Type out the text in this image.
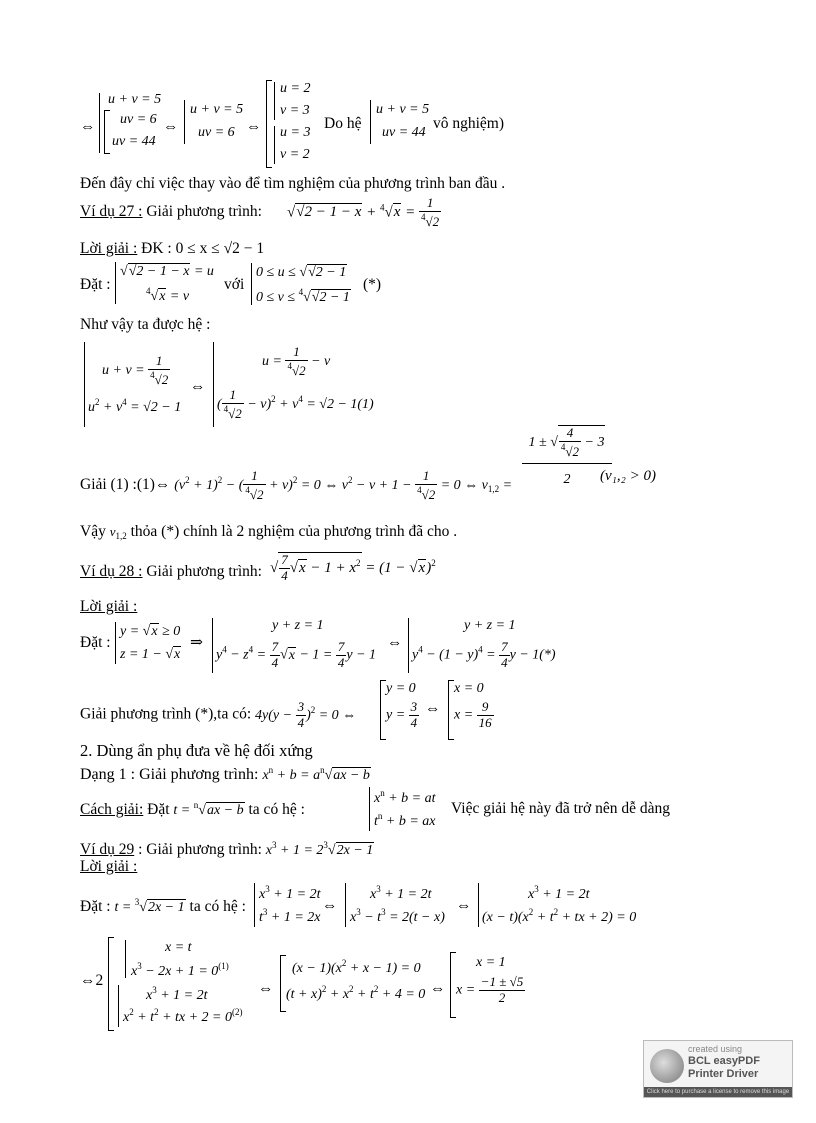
⇔
u + v = 5
uv = 6
uv = 44
⇔
u + v = 5
uv = 6 ⇔
u = 2
v = 3
u = 3
v = 2
Do hệ
u + v = 5
uv = 44
vô nghiệm)
Đến đây chỉ việc thay vào để tìm nghiệm của phương trình ban đầu .
Ví dụ 27 : Giải phương trình: $√√2 - 1 - x + ^4√x = \frac{1}{^4√2}$
Lời giải : ĐK : 0 ≤ x ≤ √2 − 1
Đặt :
√√2 − 1 − x = u
$^4$√x = v
với
0 ≤ u ≤ √√2 − 1
0 ≤ v ≤ $^4$√√2 − 1
(*)
Như vậy ta được hệ :
$u + v = \frac{1}{^4√2}$
$u^2 + v^4 = √2 - 1$
⇔
$u = \frac{1}{^4√2} - v$
( $\frac{1}{^4√2} - v)^2 + v^4 = √2 - 1(1)$
Giải (1) :(1)⇔ $(v^2 + 1)^2$ − ( $\frac{1}{^4√2} + v)^2 = 0$ ⇔ $v^2 - v + 1 - \frac{1}{^4√2} = 0$ ⇔ $v_{1,2}$ =
1 ± √ $\frac{4}{^4√2} - 3$
2	(v₁,₂ > 0)
Vậy $v_{1,2}$ thỏa (*) chính là 2 nghiệm của phương trình đã cho .
Ví dụ 28 : Giải phương trình: √ $\frac{7}{4} √x - 1 + x^2 = (1 - √x)^2$
Lời giải :
Đặt :
y = √x ≥ 0
z = 1 − √x
⇒
y + z = 1
$y^4 - z^4 = \frac{7}{4} √x - 1 = \frac{7}{4}$ y − 1
⇔
y + z = 1
$y^4 - (1 - y)^4 = \frac{7}{4}$ y − 1(*)
Giải phương trình (*),ta có: $4y(y - \frac{3}{4} )^2 = 0$ ⇔
y = 0
$y = \frac{3}{4}$ ⇔
x = 0
$x = \frac{9}{16}$
2. Dùng ẩn phụ đưa về hệ đối xứng
Dạng 1 : Giải phương trình: $x^n + b = a^n√ax - b$
Cách giải: Đặt t = $^n$√ax − b ta có hệ :
$x^n + b$ = at
$t^n + b$ = ax
Việc giải hệ này đã trở nên dễ dàng
Ví dụ 29 : Giải phương trình: $x^3 + 1 = 2^3√2x - 1$
Lời giải :
Đặt : t = $^3$√2x − 1 ta có hệ :
$x^3 + 1 = 2t$
$t^3 + 1 = 2x$
⇔
$x^3 + 1 = 2t$
$x^3 - t^3 = 2(t - x)$
⇔
$x^3 + 1 = 2t$
$(x - t)(x^2 + t^2$ + tx + 2) = 0
⇔2
x = t
$x^3 - 2x + 1 = 0^{(1)}$
$x^3 + 1 = 2t$
$x^2 + t^2$ + tx + $2 = 0^{(2)}$
⇔
$(x - 1)(x^2 + x - 1) = 0$
$(t + x)^2 + x^2 + t^2 + 4 = 0$ ⇔
x = 1
$x = \frac{-1 \pm √5}{2}$
created using
BCL easyPDF
Printer Driver
Click here to purchase a license to remove this image
